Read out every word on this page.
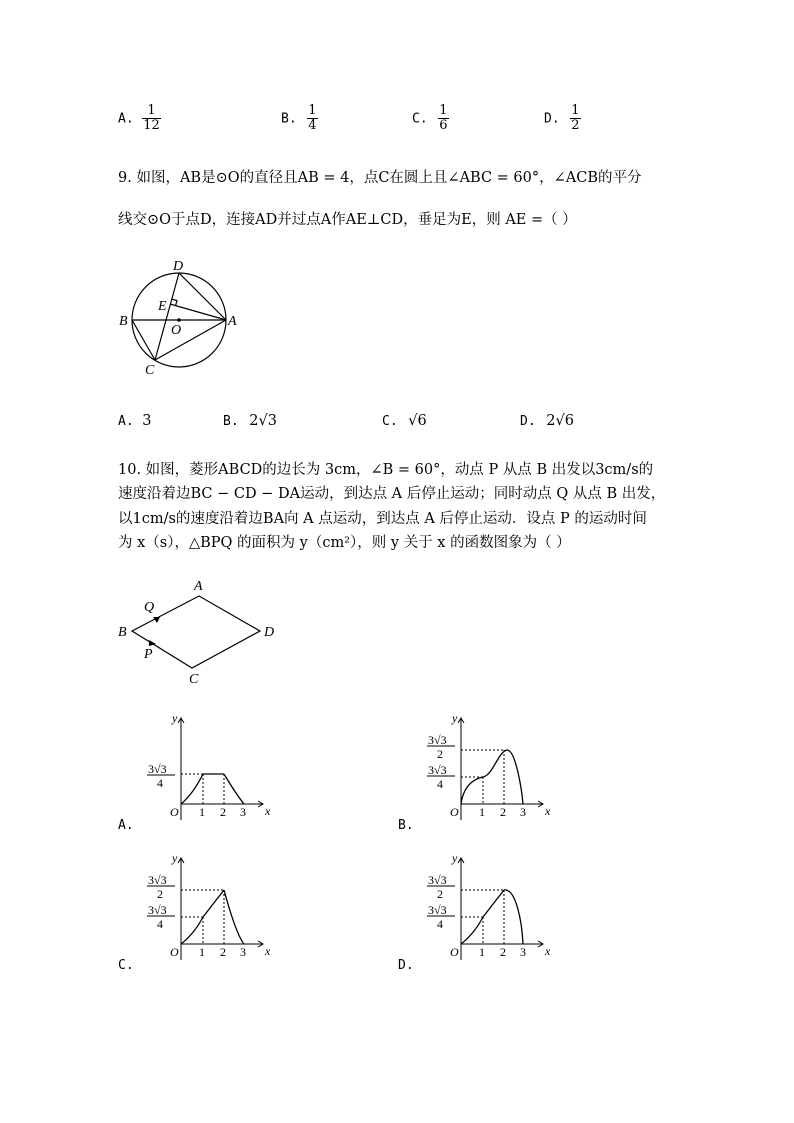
A. $\frac{1}{12}$	B. $\frac{1}{4}$	C. $\frac{1}{6}$	D. $\frac{1}{2}$
9. 如图，AB是⊙O的直径且AB = 4，点C在圆上且∠ABC = 60°，∠ACB的平分
线交⊙O于点D，连接AD并过点A作AE⊥CD，垂足为E，则 AE =（ ）
D
E
B
O
A
C
A. 3	B. 2√3	C. √6	D. 2√6
10. 如图，菱形ABCD的边长为 3cm，∠B = 60°，动点 P 从点 B 出发以3cm/s的
速度沿着边BC − CD − DA运动，到达点 A 后停止运动；同时动点 Q 从点 B 出发，
以1cm/s的速度沿着边BA向 A 点运动，到达点 A 后停止运动．设点 P 的运动时间
为 x（s），△BPQ 的面积为 y（cm²），则 y 关于 x 的函数图象为（ ）
A
B	D
C
Q
P
y
x
O 1 2 3
3√3
4
A.
y
x
O 1 2 3
3√3
2
3√3
4
B.
y
x
O 1 2 3
3√3
2
3√3
4
C.
y
x
O 1 2 3
3√3
2
3√3
4
D.
